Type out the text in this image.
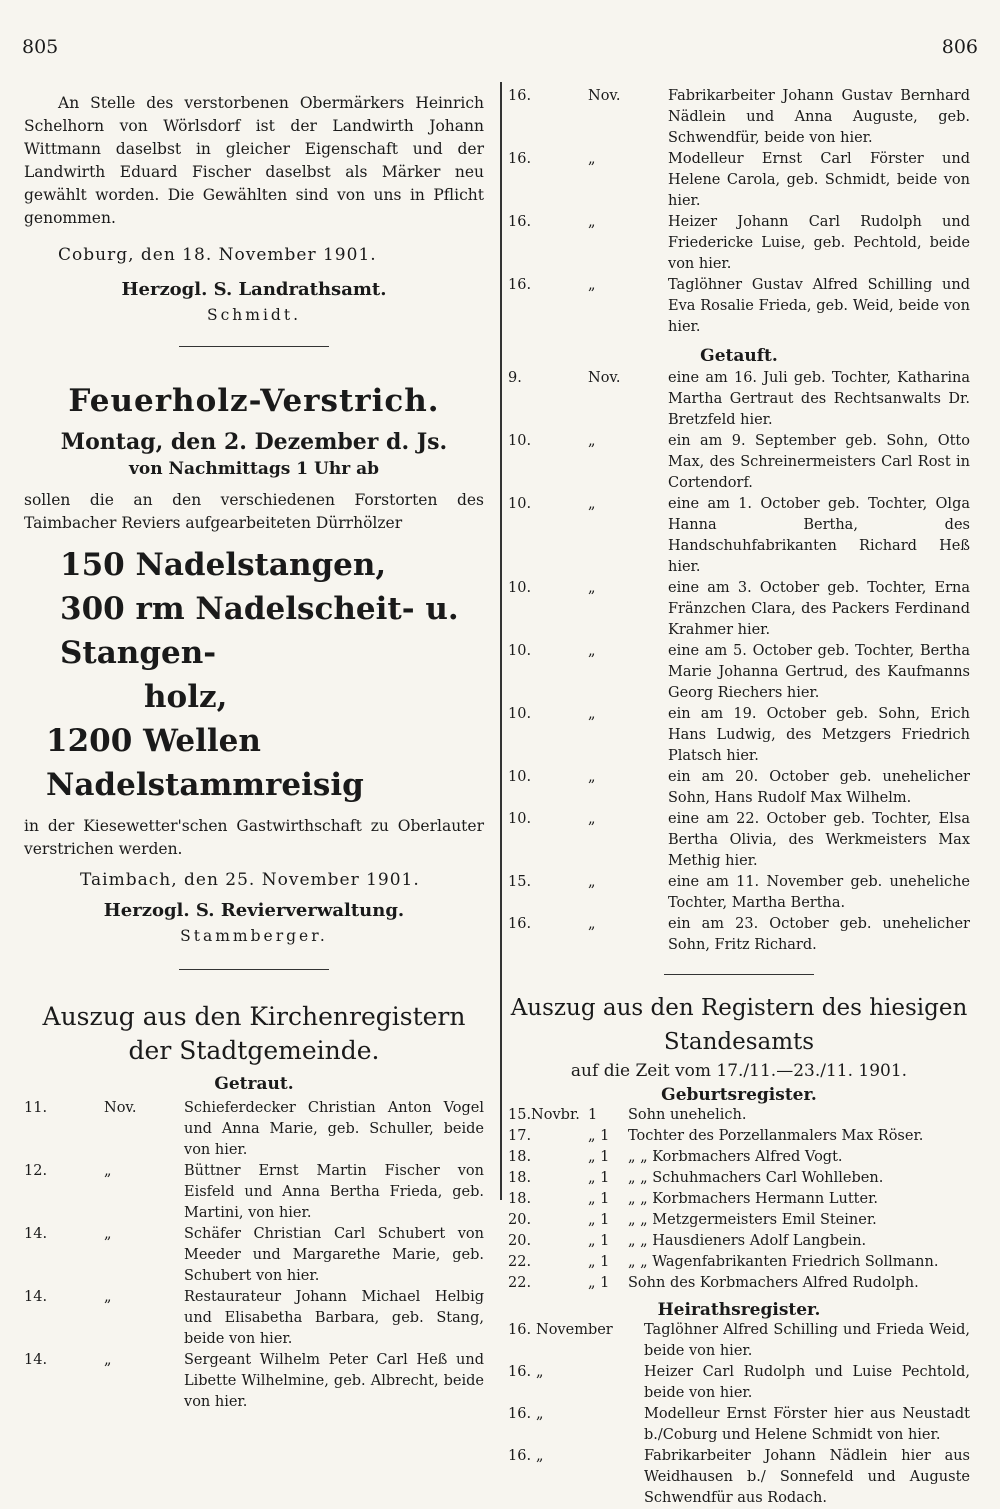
805	806

An Stelle des verstorbenen Obermärkers Heinrich Schelhorn von Wörlsdorf ist der Landwirth Johann Wittmann daselbst in gleicher Eigenschaft und der Landwirth Eduard Fischer daselbst als Märker neu gewählt worden. Die Gewählten sind von uns in Pflicht genommen.

Coburg, den 18. November 1901.

Herzogl. S. Landrathsamt.

Schmidt.

Feuerholz-Verstrich.

Montag, den 2. Dezember d. Js.

von Nachmittags 1 Uhr ab

sollen die an den verschiedenen Forstorten des Taimbacher Reviers aufgearbeiteten Dürrhölzer

150 Nadelstangen,

300 rm Nadelscheit- u. Stangen-

holz,

1200 Wellen Nadelstammreisig

in der Kiesewetter'schen Gastwirthschaft zu Oberlauter verstrichen werden.

Taimbach, den 25. November 1901.

Herzogl. S. Revierverwaltung.

Stammberger.

Auszug aus den Kirchenregistern

der Stadtgemeinde.

Getraut.

11.	Nov.	Schieferdecker Christian Anton Vogel und Anna Marie, geb. Schuller, beide von hier.
12.	„	Büttner Ernst Martin Fischer von Eisfeld und Anna Bertha Frieda, geb. Martini, von hier.
14.	„	Schäfer Christian Carl Schubert von Meeder und Margarethe Marie, geb. Schubert von hier.
14.	„	Restaurateur Johann Michael Helbig und Elisabetha Barbara, geb. Stang, beide von hier.
14.	„	Sergeant Wilhelm Peter Carl Heß und Libette Wilhelmine, geb. Albrecht, beide von hier.
16.	Nov.	Fabrikarbeiter Johann Gustav Bernhard Nädlein und Anna Auguste, geb. Schwendfür, beide von hier.
16.	„	Modelleur Ernst Carl Förster und Helene Carola, geb. Schmidt, beide von hier.
16.	„	Heizer Johann Carl Rudolph und Friedericke Luise, geb. Pechtold, beide von hier.
16.	„	Taglöhner Gustav Alfred Schilling und Eva Rosalie Frieda, geb. Weid, beide von hier.

Getauft.

9.	Nov.	eine am 16. Juli geb. Tochter, Katharina Martha Gertraut des Rechtsanwalts Dr. Bretzfeld hier.
10.	„	ein am 9. September geb. Sohn, Otto Max, des Schreinermeisters Carl Rost in Cortendorf.
10.	„	eine am 1. October geb. Tochter, Olga Hanna Bertha, des Handschuhfabrikanten Richard Heß hier.
10.	„	eine am 3. October geb. Tochter, Erna Fränzchen Clara, des Packers Ferdinand Krahmer hier.
10.	„	eine am 5. October geb. Tochter, Bertha Marie Johanna Gertrud, des Kaufmanns Georg Riechers hier.
10.	„	ein am 19. October geb. Sohn, Erich Hans Ludwig, des Metzgers Friedrich Platsch hier.
10.	„	ein am 20. October geb. unehelicher Sohn, Hans Rudolf Max Wilhelm.
10.	„	eine am 22. October geb. Tochter, Elsa Bertha Olivia, des Werkmeisters Max Methig hier.
15.	„	eine am 11. November geb. uneheliche Tochter, Martha Bertha.
16.	„	ein am 23. October geb. unehelicher Sohn, Fritz Richard.

Auszug aus den Registern des hiesigen

Standesamts

auf die Zeit vom 17./11.—23./11. 1901.

Geburtsregister.

15.Novbr. 1	Sohn unehelich.
17.	„ 1	Tochter des Porzellanmalers Max Röser.
18.	„ 1	„ „ Korbmachers Alfred Vogt.
18.	„ 1	„ „ Schuhmachers Carl Wohlleben.
18.	„ 1	„ „ Korbmachers Hermann Lutter.
20.	„ 1	„ „ Metzgermeisters Emil Steiner.
20.	„ 1	„ „ Hausdieners Adolf Langbein.
22.	„ 1	„ „ Wagenfabrikanten Friedrich Sollmann.
22.	„ 1	Sohn des Korbmachers Alfred Rudolph.

Heirathsregister.

16. November	Taglöhner Alfred Schilling und Frieda Weid, beide von hier.
16. „	Heizer Carl Rudolph und Luise Pechtold, beide von hier.
16. „	Modelleur Ernst Förster hier aus Neustadt b./Coburg und Helene Schmidt von hier.
16. „	Fabrikarbeiter Johann Nädlein hier aus Weidhausen b./ Sonnefeld und Auguste Schwendfür aus Rodach.
